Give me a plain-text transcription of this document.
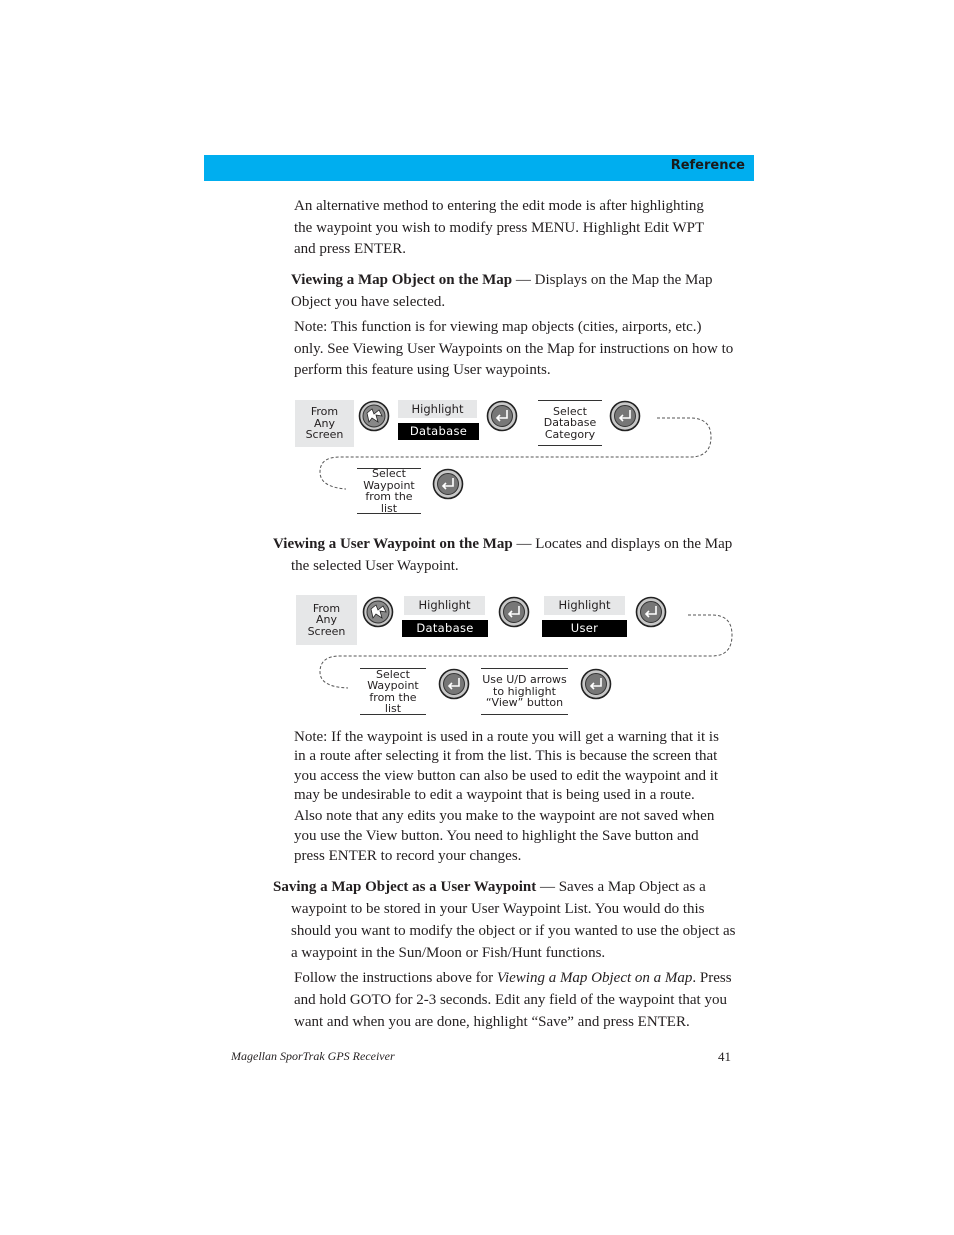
Reference

An alternative method to entering the edit mode is after highlighting the waypoint you wish to modify press MENU. Highlight Edit WPT and press ENTER.

Viewing a Map Object on the Map — Displays on the Map the Map Object you have selected.

Note: This function is for viewing map objects (cities, airports, etc.) only. See Viewing User Waypoints on the Map for instructions on how to perform this feature using User waypoints.

From
Any
Screen
Highlight
Database
Select
Database
Category
Select
Waypoint
from the list

Viewing a User Waypoint on the Map — Locates and displays on the Map the selected User Waypoint.

From
Any
Screen
Highlight
Database
Highlight
User
Select
Waypoint
from the list
Use U/D arrows
to highlight
“View” button

Note: If the waypoint is used in a route you will get a warning that it is in a route after selecting it from the list. This is because the screen that you access the view button can also be used to edit the waypoint and it may be undesirable to edit a waypoint that is being used in a route.

Also note that any edits you make to the waypoint are not saved when you use the View button. You need to highlight the Save button and press ENTER to record your changes.

Saving a Map Object as a User Waypoint — Saves a Map Object as a waypoint to be stored in your User Waypoint List. You would do this should you want to modify the object or if you wanted to use the object as a waypoint in the Sun/Moon or Fish/Hunt functions.

Follow the instructions above for Viewing a Map Object on a Map. Press and hold GOTO for 2-3 seconds. Edit any field of the waypoint that you want and when you are done, highlight “Save” and press ENTER.

Magellan SporTrak GPS Receiver	41
